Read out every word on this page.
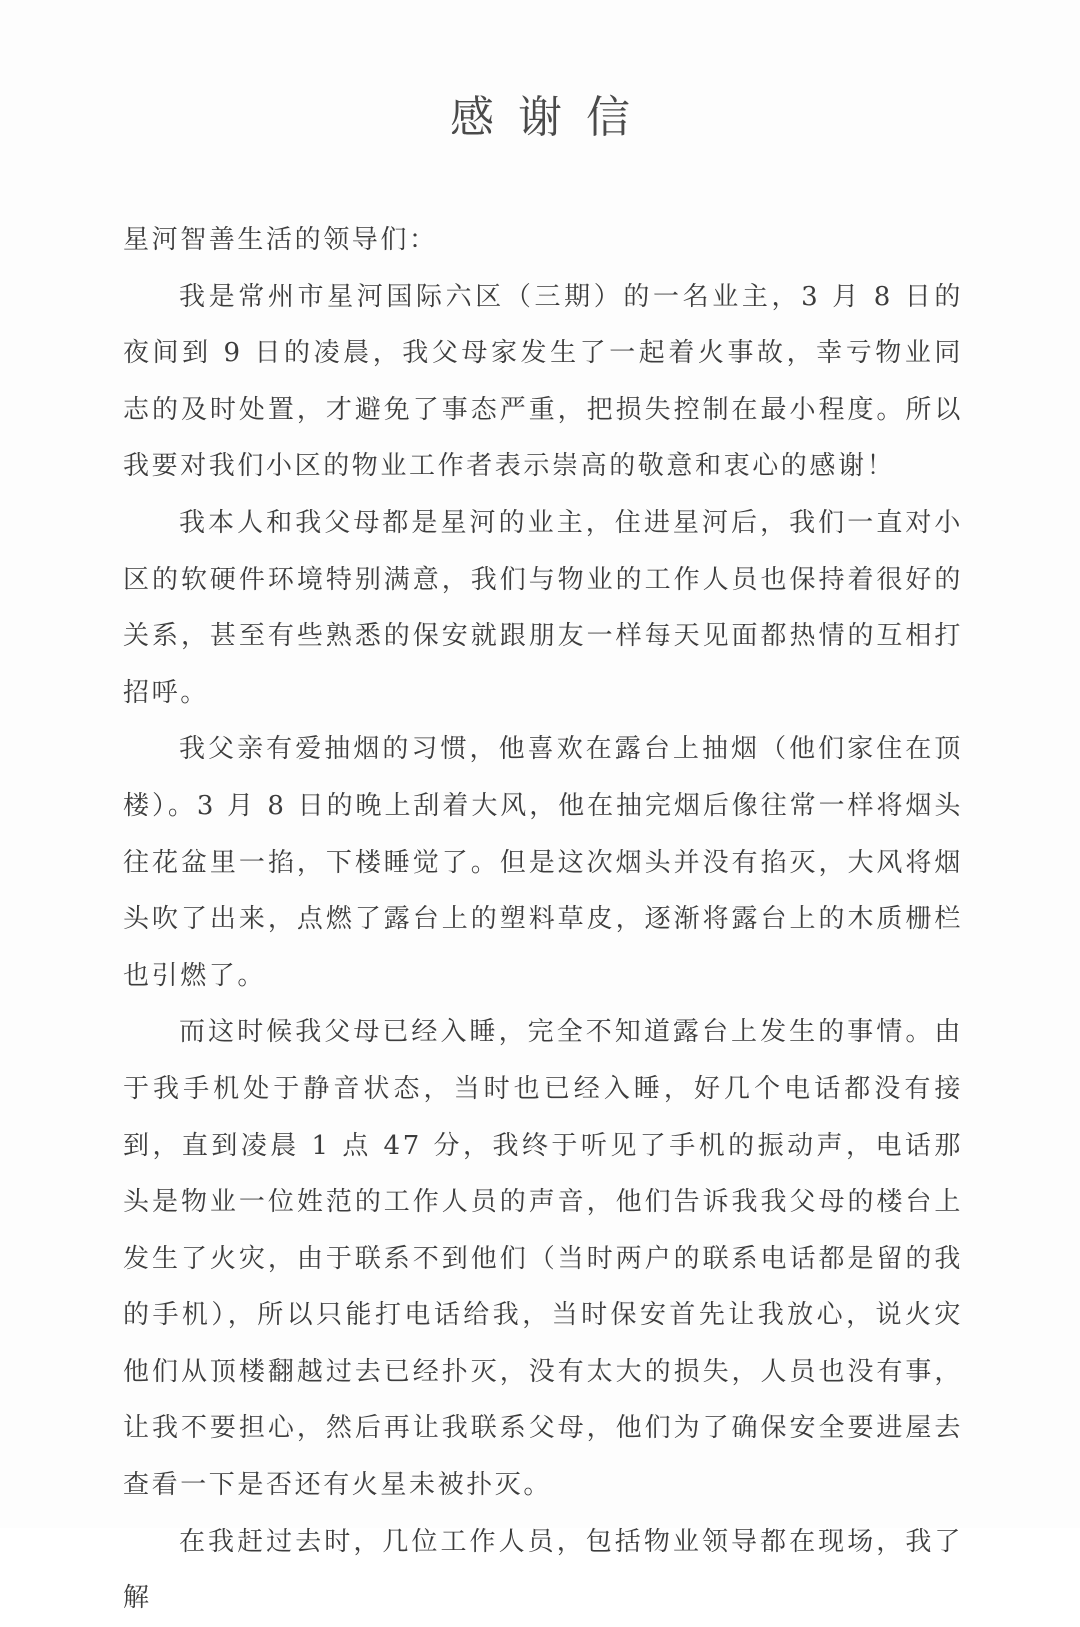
感谢信

星河智善生活的领导们：

我是常州市星河国际六区（三期）的一名业主，3 月 8 日的夜间到 9 日的凌晨，我父母家发生了一起着火事故，幸亏物业同志的及时处置，才避免了事态严重，把损失控制在最小程度。所以我要对我们小区的物业工作者表示崇高的敬意和衷心的感谢！

我本人和我父母都是星河的业主，住进星河后，我们一直对小区的软硬件环境特别满意，我们与物业的工作人员也保持着很好的关系，甚至有些熟悉的保安就跟朋友一样每天见面都热情的互相打招呼。

我父亲有爱抽烟的习惯，他喜欢在露台上抽烟（他们家住在顶楼）。3 月 8 日的晚上刮着大风，他在抽完烟后像往常一样将烟头往花盆里一掐，下楼睡觉了。但是这次烟头并没有掐灭，大风将烟头吹了出来，点燃了露台上的塑料草皮，逐渐将露台上的木质栅栏也引燃了。

而这时候我父母已经入睡，完全不知道露台上发生的事情。由于我手机处于静音状态，当时也已经入睡，好几个电话都没有接到，直到凌晨 1 点 47 分，我终于听见了手机的振动声，电话那头是物业一位姓范的工作人员的声音，他们告诉我我父母的楼台上发生了火灾，由于联系不到他们（当时两户的联系电话都是留的我的手机），所以只能打电话给我，当时保安首先让我放心，说火灾他们从顶楼翻越过去已经扑灭，没有太大的损失，人员也没有事，让我不要担心，然后再让我联系父母，他们为了确保安全要进屋去查看一下是否还有火星未被扑灭。

在我赶过去时，几位工作人员，包括物业领导都在现场，我了解
